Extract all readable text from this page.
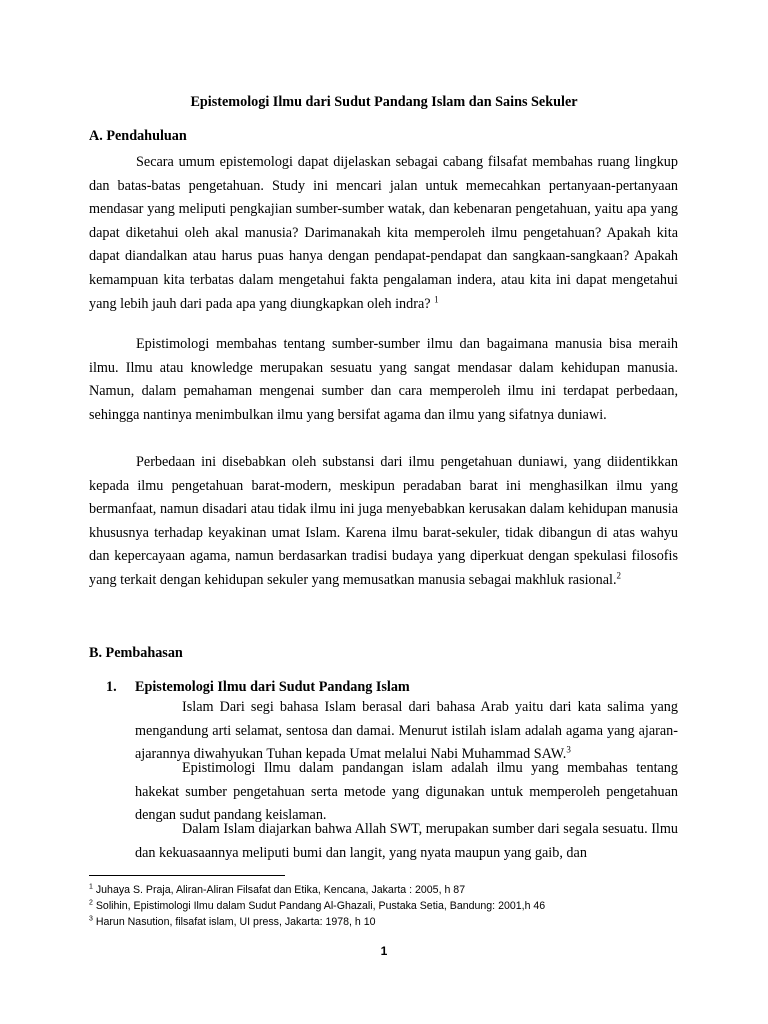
Epistemologi Ilmu dari Sudut Pandang Islam dan Sains Sekuler
A. Pendahuluan

Secara umum epistemologi dapat dijelaskan sebagai cabang filsafat membahas ruang lingkup dan batas-batas pengetahuan. Study ini mencari jalan untuk memecahkan pertanyaan-pertanyaan mendasar yang meliputi pengkajian sumber-sumber watak, dan kebenaran pengetahuan, yaitu apa yang dapat diketahui oleh akal manusia? Darimanakah kita memperoleh ilmu pengetahuan? Apakah kita dapat diandalkan atau harus puas hanya dengan pendapat-pendapat dan sangkaan-sangkaan? Apakah kemampuan kita terbatas dalam mengetahui fakta pengalaman indera, atau kita ini dapat mengetahui yang lebih jauh dari pada apa yang diungkapkan oleh indra? $^1$

Epistimologi membahas tentang sumber-sumber ilmu dan bagaimana manusia bisa meraih ilmu. Ilmu atau knowledge merupakan sesuatu yang sangat mendasar dalam kehidupan manusia. Namun, dalam pemahaman mengenai sumber dan cara memperoleh ilmu ini terdapat perbedaan, sehingga nantinya menimbulkan ilmu yang bersifat agama dan ilmu yang sifatnya duniawi.

Perbedaan ini disebabkan oleh substansi dari ilmu pengetahuan duniawi, yang diidentikkan kepada ilmu pengetahuan barat-modern, meskipun peradaban barat ini menghasilkan ilmu yang bermanfaat, namun disadari atau tidak ilmu ini juga menyebabkan kerusakan dalam kehidupan manusia khususnya terhadap keyakinan umat Islam. Karena ilmu barat-sekuler, tidak dibangun di atas wahyu dan kepercayaan agama, namun berdasarkan tradisi budaya yang diperkuat dengan spekulasi filosofis yang terkait dengan kehidupan sekuler yang memusatkan manusia sebagai makhluk rasional.$^2$

B. Pembahasan
1. Epistemologi Ilmu dari Sudut Pandang Islam

Islam Dari segi bahasa Islam berasal dari bahasa Arab yaitu dari kata salima yang mengandung arti selamat, sentosa dan damai. Menurut istilah islam adalah agama yang ajaran-ajarannya diwahyukan Tuhan kepada Umat melalui Nabi Muhammad SAW.$^3$

Epistimologi Ilmu dalam pandangan islam adalah ilmu yang membahas tentang hakekat sumber pengetahuan serta metode yang digunakan untuk memperoleh pengetahuan dengan sudut pandang keislaman.

Dalam Islam diajarkan bahwa Allah SWT, merupakan sumber dari segala sesuatu. Ilmu dan kekuasaannya meliputi bumi dan langit, yang nyata maupun yang gaib, dan

$^1$ Juhaya S. Praja, Aliran-Aliran Filsafat dan Etika, Kencana, Jakarta : 2005, h 87
$^2$ Solihin, Epistimologi Ilmu dalam Sudut Pandang Al-Ghazali, Pustaka Setia, Bandung: 2001,h 46
$^3$ Harun Nasution, filsafat islam, UI press, Jakarta: 1978, h 10
1
